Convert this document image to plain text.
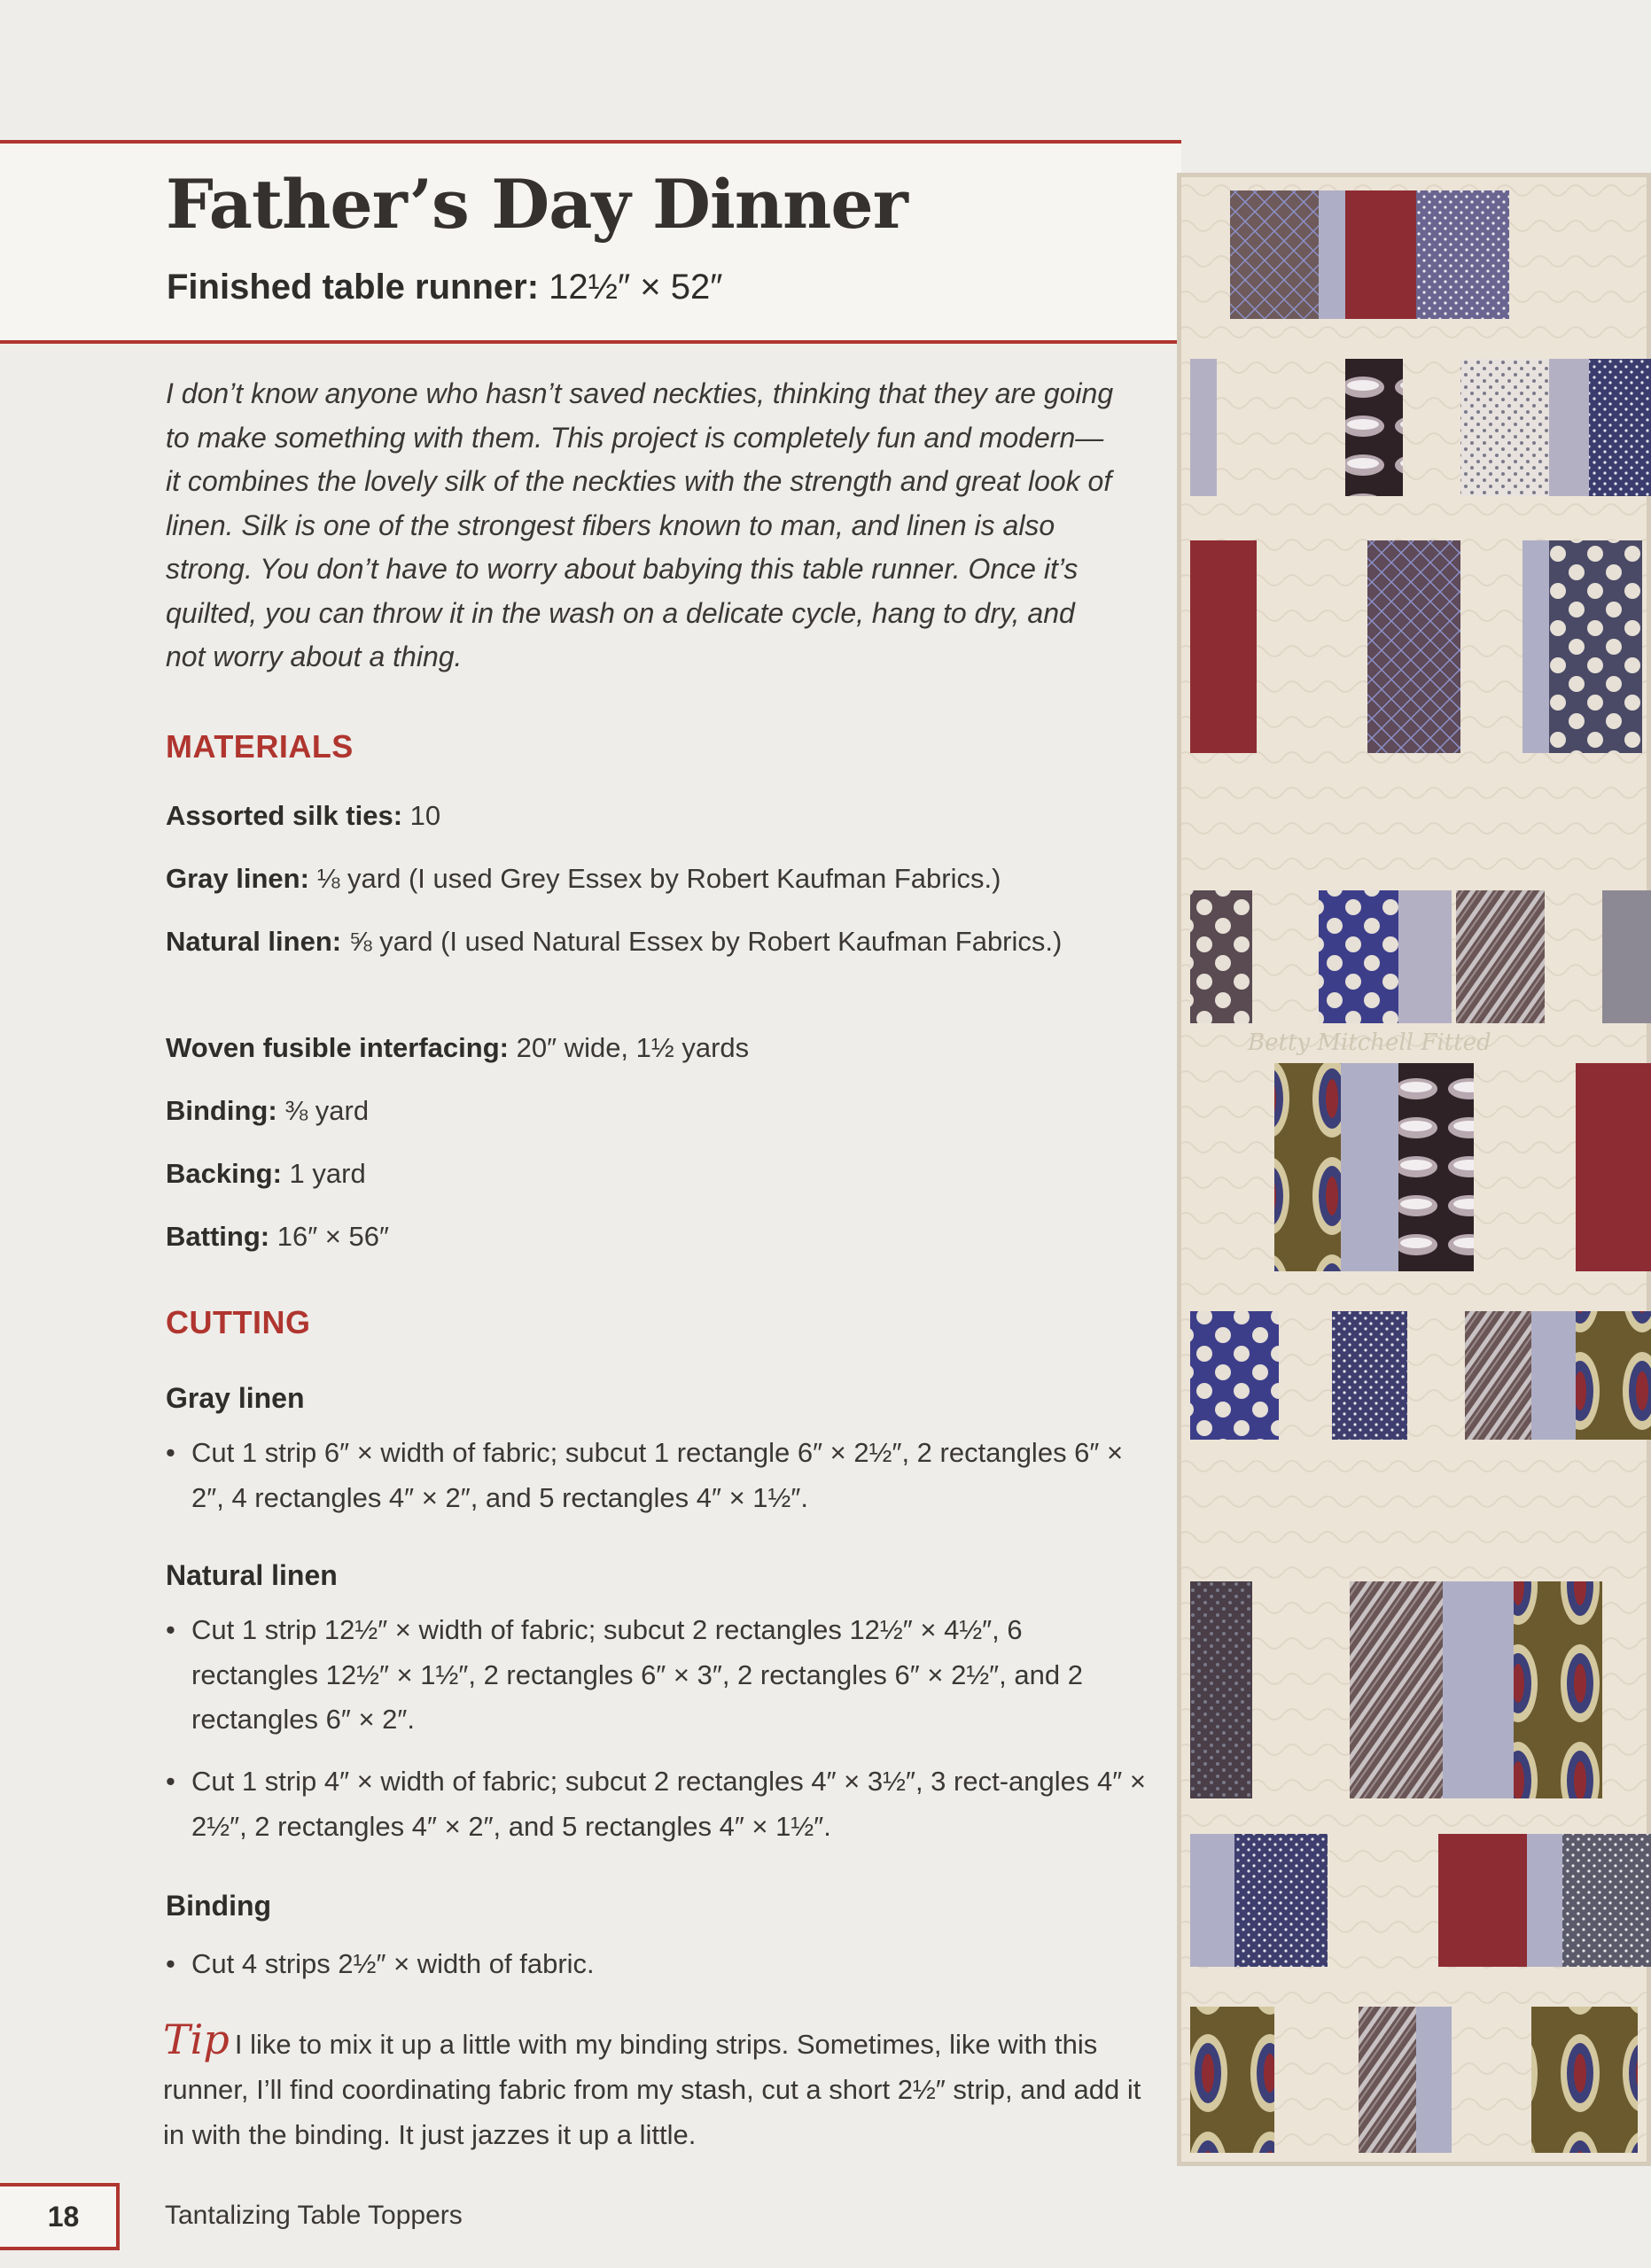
Father’s Day Dinner
Finished table runner: 12½″ × 52″

I don’t know anyone who hasn’t saved neckties, thinking that they are going to make something with them. This project is completely fun and modern—it combines the lovely silk of the neckties with the strength and great look of linen. Silk is one of the strongest fibers known to man, and linen is also strong. You don’t have to worry about babying this table runner. Once it’s quilted, you can throw it in the wash on a delicate cycle, hang to dry, and not worry about a thing.

MATERIALS

Assorted silk ties: 10

Gray linen: ⅛ yard (I used Grey Essex by Robert Kaufman Fabrics.)

Natural linen: ⅝ yard (I used Natural Essex by Robert Kaufman Fabrics.)

Woven fusible interfacing: 20″ wide, 1½ yards

Binding: ⅜ yard

Backing: 1 yard

Batting: 16″ × 56″

CUTTING
Gray linen
• Cut 1 strip 6″ × width of fabric; subcut 1 rectangle 6″ × 2½″, 2 rectangles 6″ × 2″, 4 rectangles 4″ × 2″, and 5 rectangles 4″ × 1½″.
Natural linen
• Cut 1 strip 12½″ × width of fabric; subcut 2 rectangles 12½″ × 4½″, 6 rectangles 12½″ × 1½″, 2 rectangles 6″ × 3″, 2 rectangles 6″ × 2½″, and 2 rectangles 6″ × 2″.
• Cut 1 strip 4″ × width of fabric; subcut 2 rectangles 4″ × 3½″, 3 rect-angles 4″ × 2½″, 2 rectangles 4″ × 2″, and 5 rectangles 4″ × 1½″.
Binding
• Cut 4 strips 2½″ × width of fabric.

Tip I like to mix it up a little with my binding strips. Sometimes, like with this runner, I’ll find coordinating fabric from my stash, cut a short 2½″ strip, and add it in with the binding. It just jazzes it up a little.

18	Tantalizing Table Toppers
Betty Mitchell Fitted
